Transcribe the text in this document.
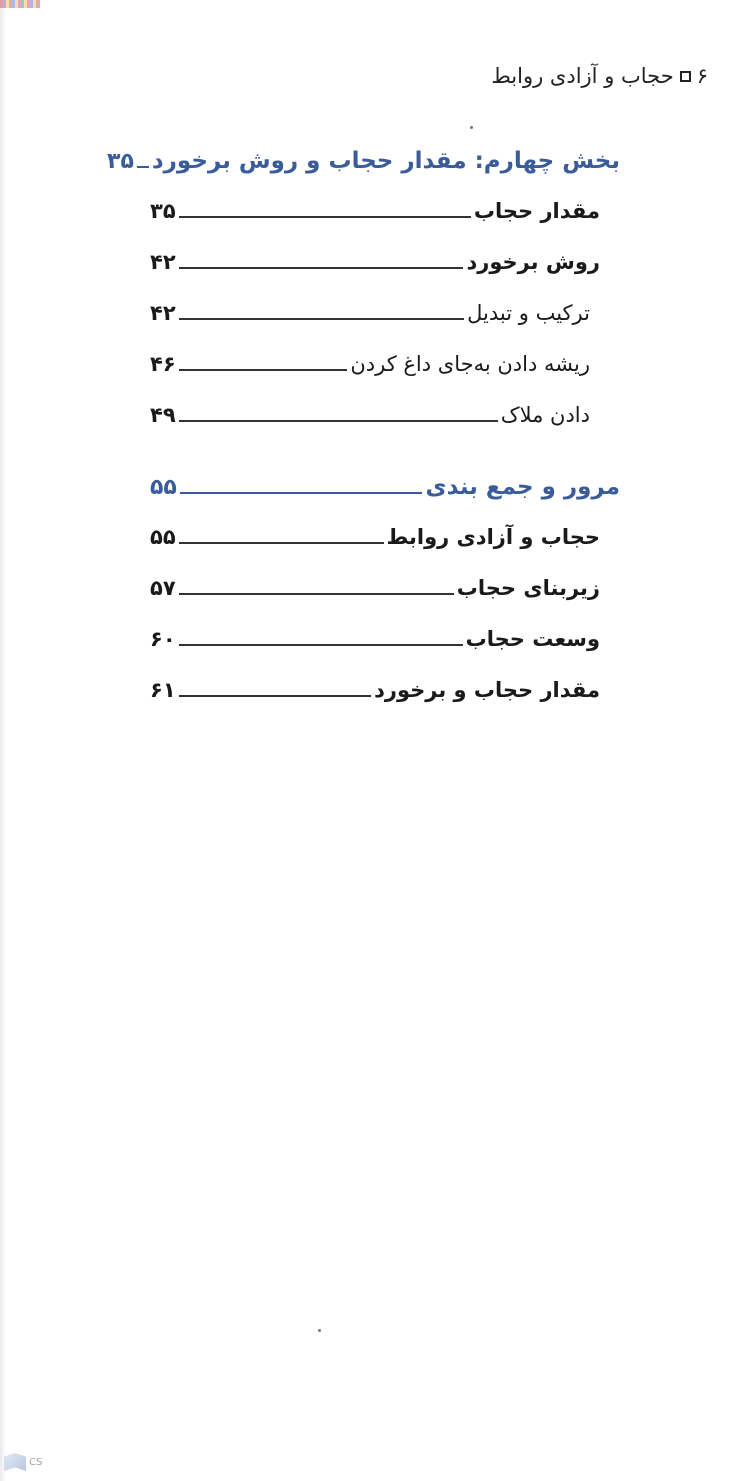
۶
حجاب و آزادی روابط
بخش چهارم: مقدار حجاب و روش برخورد
۳۵
مقدار حجاب
۳۵
روش برخورد
۴۲
ترکیب و تبدیل
۴۲
ریشه دادن به‌جای داغ کردن
۴۶
دادن ملاک
۴۹
مرور و جمع بندی
۵۵
حجاب و آزادی روابط
۵۵
زیربنای حجاب
۵۷
وسعت حجاب
۶۰
مقدار حجاب و برخورد
۶۱
CS
